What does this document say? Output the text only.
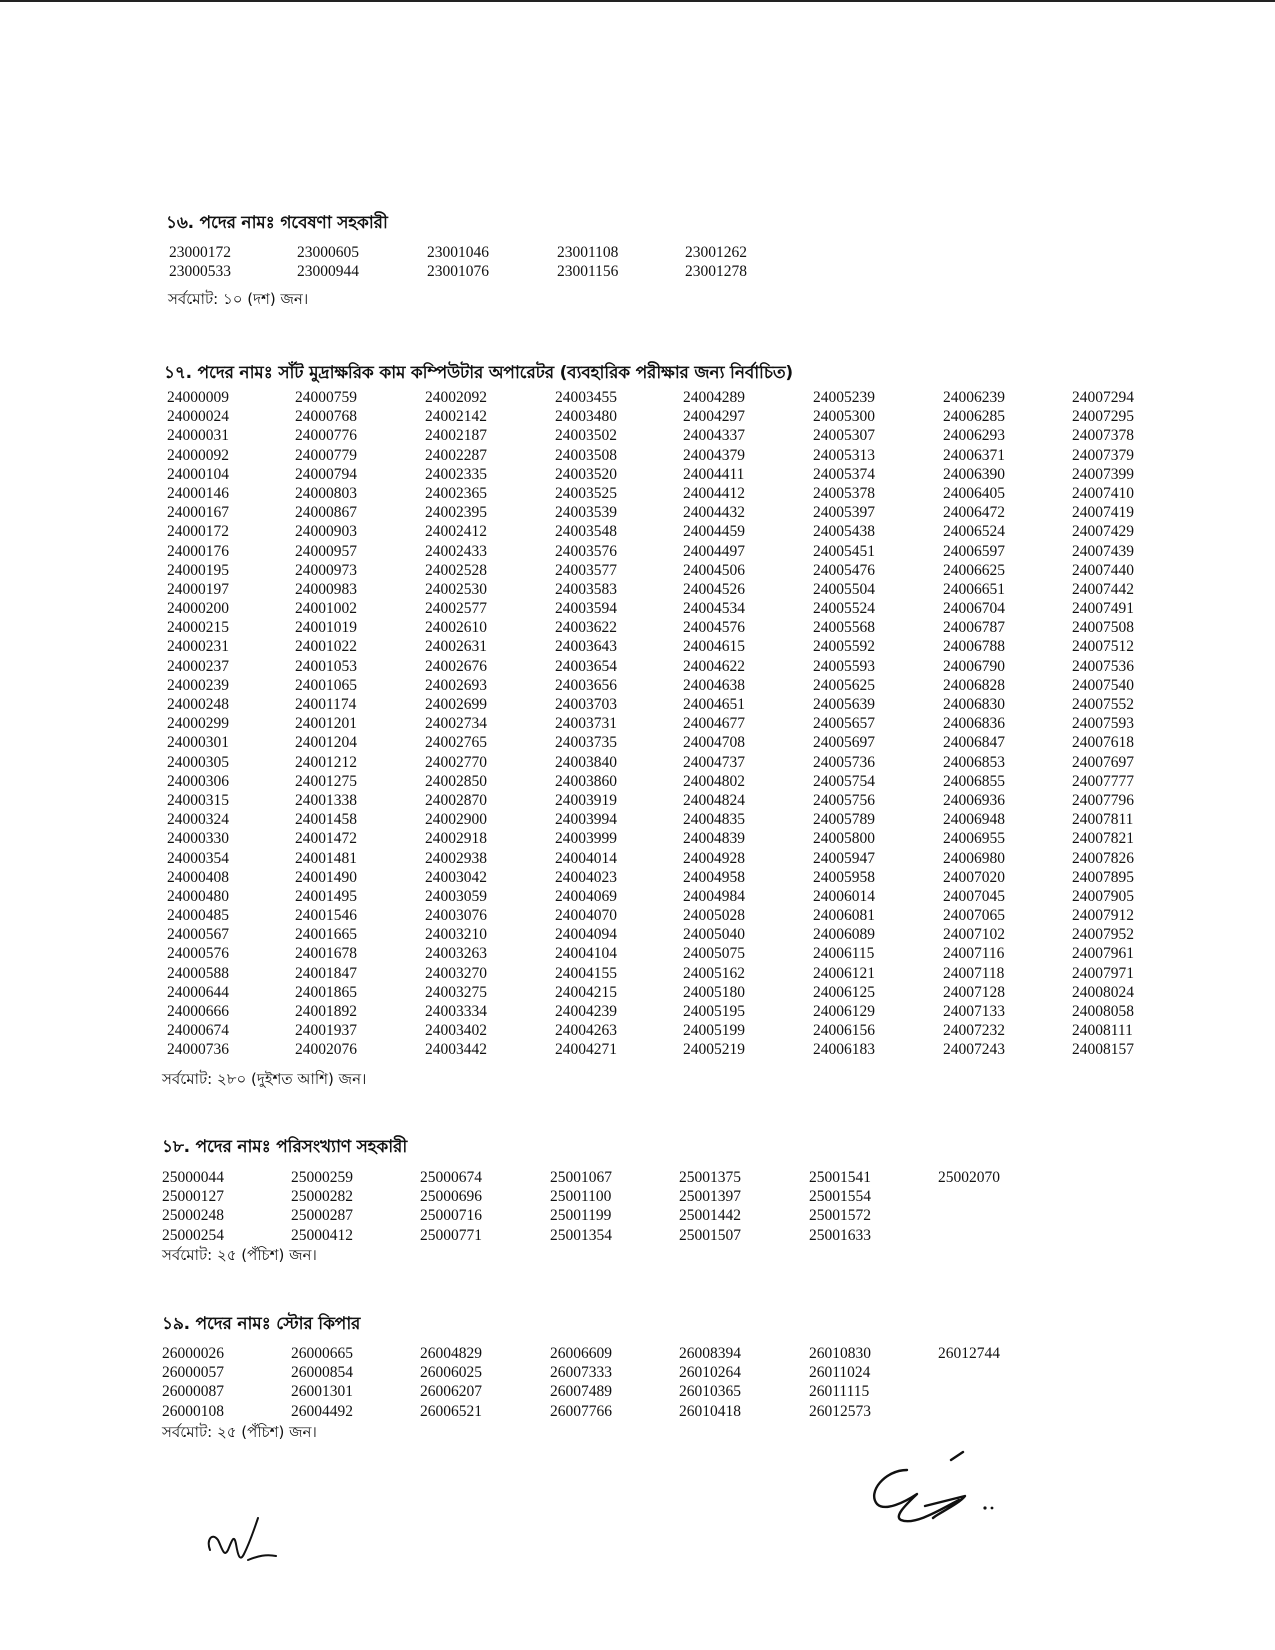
১৬. পদের নামঃ গবেষণা সহকারী
23000172
23000533
23000605
23000944
23001046
23001076
23001108
23001156
23001262
23001278
সর্বমোট: ১০ (দশ) জন।
১৭. পদের নামঃ সাঁট মুদ্রাক্ষরিক কাম কম্পিউটার অপারেটর (ব্যবহারিক পরীক্ষার জন্য নির্বাচিত)
24000009
24000024
24000031
24000092
24000104
24000146
24000167
24000172
24000176
24000195
24000197
24000200
24000215
24000231
24000237
24000239
24000248
24000299
24000301
24000305
24000306
24000315
24000324
24000330
24000354
24000408
24000480
24000485
24000567
24000576
24000588
24000644
24000666
24000674
24000736
24000759
24000768
24000776
24000779
24000794
24000803
24000867
24000903
24000957
24000973
24000983
24001002
24001019
24001022
24001053
24001065
24001174
24001201
24001204
24001212
24001275
24001338
24001458
24001472
24001481
24001490
24001495
24001546
24001665
24001678
24001847
24001865
24001892
24001937
24002076
24002092
24002142
24002187
24002287
24002335
24002365
24002395
24002412
24002433
24002528
24002530
24002577
24002610
24002631
24002676
24002693
24002699
24002734
24002765
24002770
24002850
24002870
24002900
24002918
24002938
24003042
24003059
24003076
24003210
24003263
24003270
24003275
24003334
24003402
24003442
24003455
24003480
24003502
24003508
24003520
24003525
24003539
24003548
24003576
24003577
24003583
24003594
24003622
24003643
24003654
24003656
24003703
24003731
24003735
24003840
24003860
24003919
24003994
24003999
24004014
24004023
24004069
24004070
24004094
24004104
24004155
24004215
24004239
24004263
24004271
24004289
24004297
24004337
24004379
24004411
24004412
24004432
24004459
24004497
24004506
24004526
24004534
24004576
24004615
24004622
24004638
24004651
24004677
24004708
24004737
24004802
24004824
24004835
24004839
24004928
24004958
24004984
24005028
24005040
24005075
24005162
24005180
24005195
24005199
24005219
24005239
24005300
24005307
24005313
24005374
24005378
24005397
24005438
24005451
24005476
24005504
24005524
24005568
24005592
24005593
24005625
24005639
24005657
24005697
24005736
24005754
24005756
24005789
24005800
24005947
24005958
24006014
24006081
24006089
24006115
24006121
24006125
24006129
24006156
24006183
24006239
24006285
24006293
24006371
24006390
24006405
24006472
24006524
24006597
24006625
24006651
24006704
24006787
24006788
24006790
24006828
24006830
24006836
24006847
24006853
24006855
24006936
24006948
24006955
24006980
24007020
24007045
24007065
24007102
24007116
24007118
24007128
24007133
24007232
24007243
24007294
24007295
24007378
24007379
24007399
24007410
24007419
24007429
24007439
24007440
24007442
24007491
24007508
24007512
24007536
24007540
24007552
24007593
24007618
24007697
24007777
24007796
24007811
24007821
24007826
24007895
24007905
24007912
24007952
24007961
24007971
24008024
24008058
24008111
24008157
সর্বমোট: ২৮০ (দুইশত আশি) জন।
১৮. পদের নামঃ পরিসংখ্যাণ সহকারী
25000044
25000127
25000248
25000254
25000259
25000282
25000287
25000412
25000674
25000696
25000716
25000771
25001067
25001100
25001199
25001354
25001375
25001397
25001442
25001507
25001541
25001554
25001572
25001633
25002070
সর্বমোট: ২৫ (পঁচিশ) জন।
১৯. পদের নামঃ স্টোর কিপার
26000026
26000057
26000087
26000108
26000665
26000854
26001301
26004492
26004829
26006025
26006207
26006521
26006609
26007333
26007489
26007766
26008394
26010264
26010365
26010418
26010830
26011024
26011115
26012573
26012744
সর্বমোট: ২৫ (পঁচিশ) জন।
